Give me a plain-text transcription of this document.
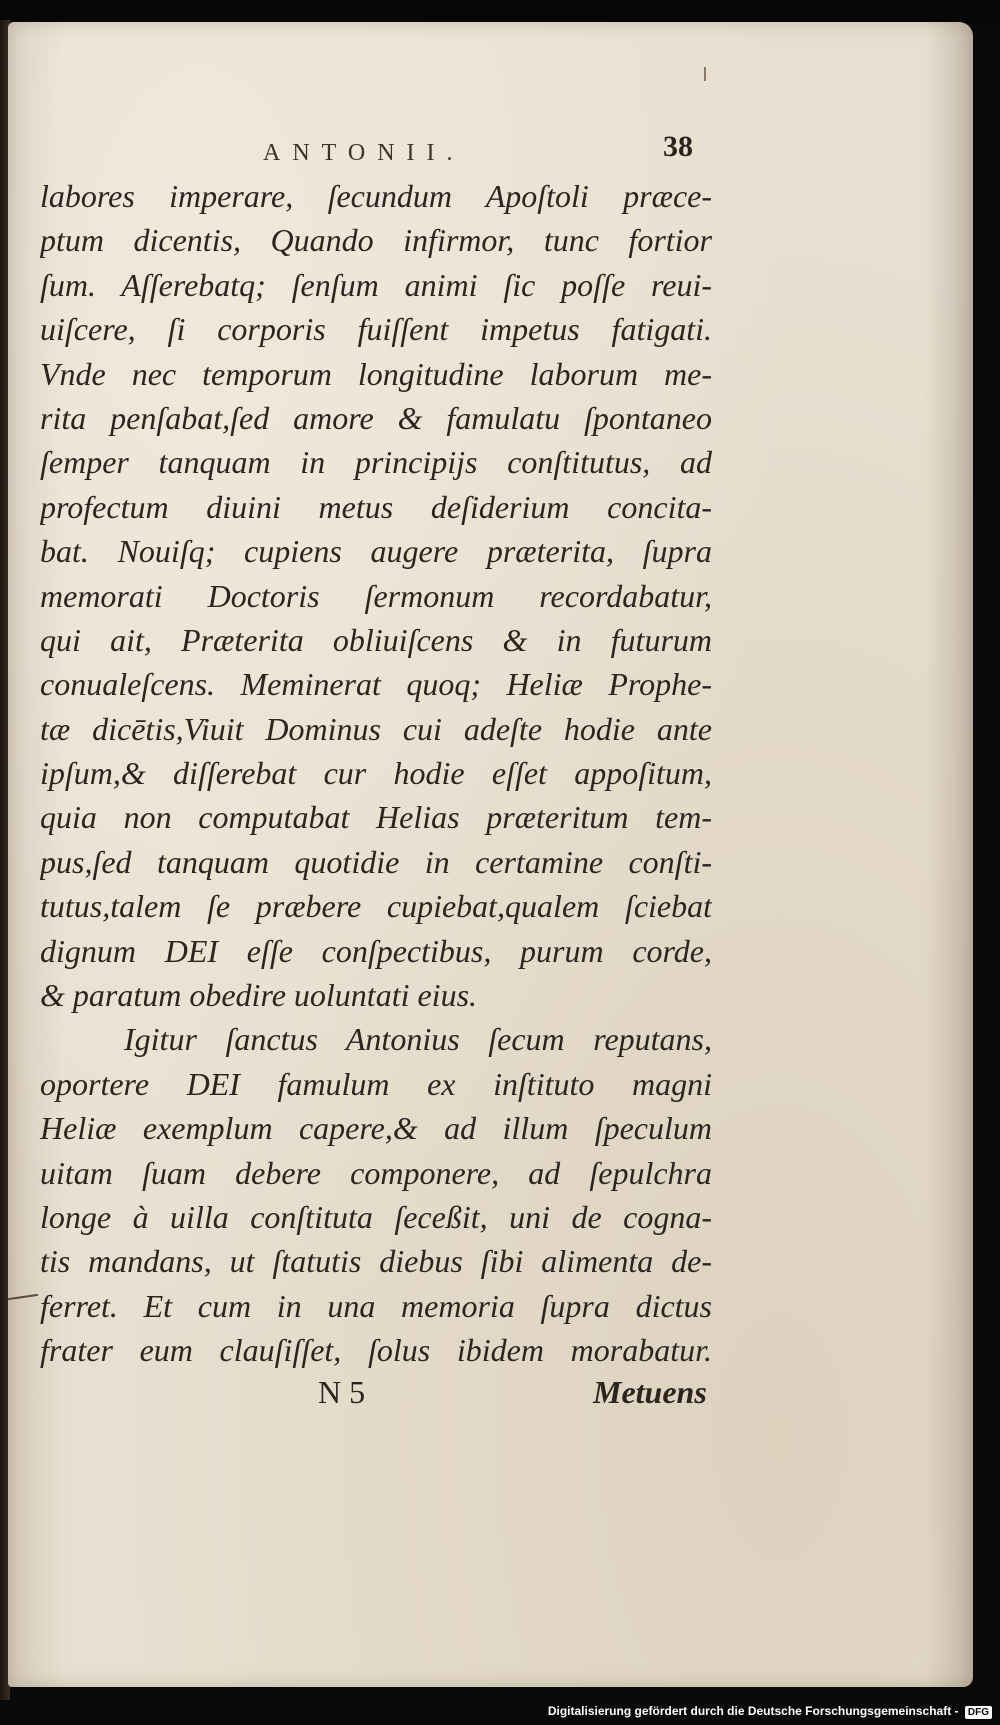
ANTONII.	38
labores imperare, ſecundum Apoſtoli præce-
ptum dicentis, Quando infirmor, tunc fortior
ſum. Aſſerebatq; ſenſum animi ſic poſſe reui-
uiſcere, ſi corporis fuiſſent impetus fatigati.
Vnde nec temporum longitudine laborum me-
rita penſabat,ſed amore & famulatu ſpontaneo
ſemper tanquam in principijs conſtitutus, ad
profectum diuini metus deſiderium concita-
bat. Nouiſq; cupiens augere præterita, ſupra
memorati Doctoris ſermonum recordabatur,
qui ait, Præterita obliuiſcens & in futurum
conualeſcens. Meminerat quoq; Heliæ Prophe-
tæ dicētis,Viuit Dominus cui adeſte hodie ante
ipſum,& diſſerebat cur hodie eſſet appoſitum,
quia non computabat Helias præteritum tem-
pus,ſed tanquam quotidie in certamine conſti-
tutus,talem ſe præbere cupiebat,qualem ſciebat
dignum DEI eſſe conſpectibus, purum corde,
& paratum obedire uoluntati eius.
Igitur ſanctus Antonius ſecum reputans,
oportere DEI famulum ex inſtituto magni
Heliæ exemplum capere,& ad illum ſpeculum
uitam ſuam debere componere, ad ſepulchra
longe à uilla conſtituta ſeceßit, uni de cogna-
tis mandans, ut ſtatutis diebus ſibi alimenta de-
ferret. Et cum in una memoria ſupra dictus
frater eum clauſiſſet, ſolus ibidem morabatur.
N 5	Metuens
Digitalisierung gefördert durch die Deutsche Forschungsgemeinschaft - DFG
